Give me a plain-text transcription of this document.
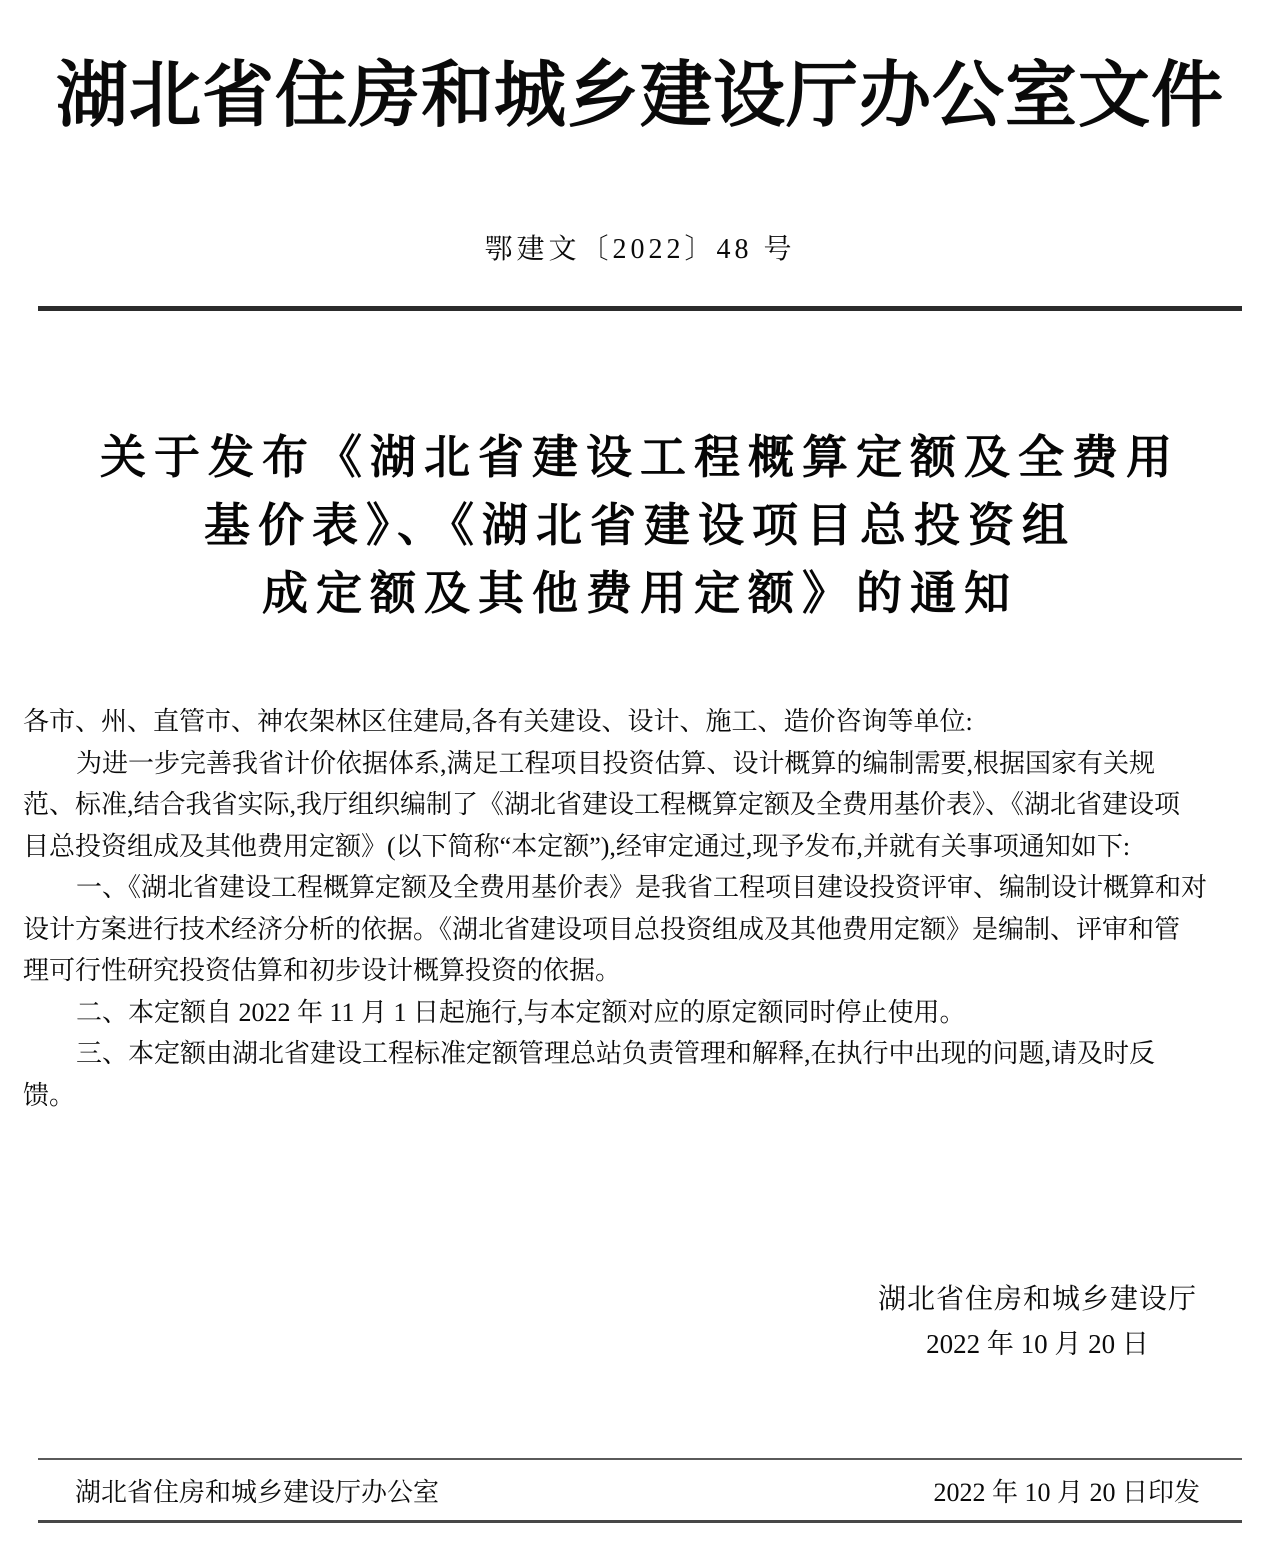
湖北省住房和城乡建设厅办公室文件
鄂建文〔2022〕48 号
关于发布《湖北省建设工程概算定额及全费用
基价表》、《湖北省建设项目总投资组
成定额及其他费用定额》的通知

各市、州、直管市、神农架林区住建局,各有关建设、设计、施工、造价咨询等单位:

为进一步完善我省计价依据体系,满足工程项目投资估算、设计概算的编制需要,根据国家有关规

范、标准,结合我省实际,我厅组织编制了《湖北省建设工程概算定额及全费用基价表》、《湖北省建设项

目总投资组成及其他费用定额》(以下简称“本定额”),经审定通过,现予发布,并就有关事项通知如下:

一、《湖北省建设工程概算定额及全费用基价表》是我省工程项目建设投资评审、编制设计概算和对

设计方案进行技术经济分析的依据。《湖北省建设项目总投资组成及其他费用定额》是编制、评审和管

理可行性研究投资估算和初步设计概算投资的依据。

二、本定额自 2022 年 11 月 1 日起施行,与本定额对应的原定额同时停止使用。

三、本定额由湖北省建设工程标准定额管理总站负责管理和解释,在执行中出现的问题,请及时反

馈。

湖北省住房和城乡建设厅
2022 年 10 月 20 日
湖北省住房和城乡建设厅办公室	2022 年 10 月 20 日印发
